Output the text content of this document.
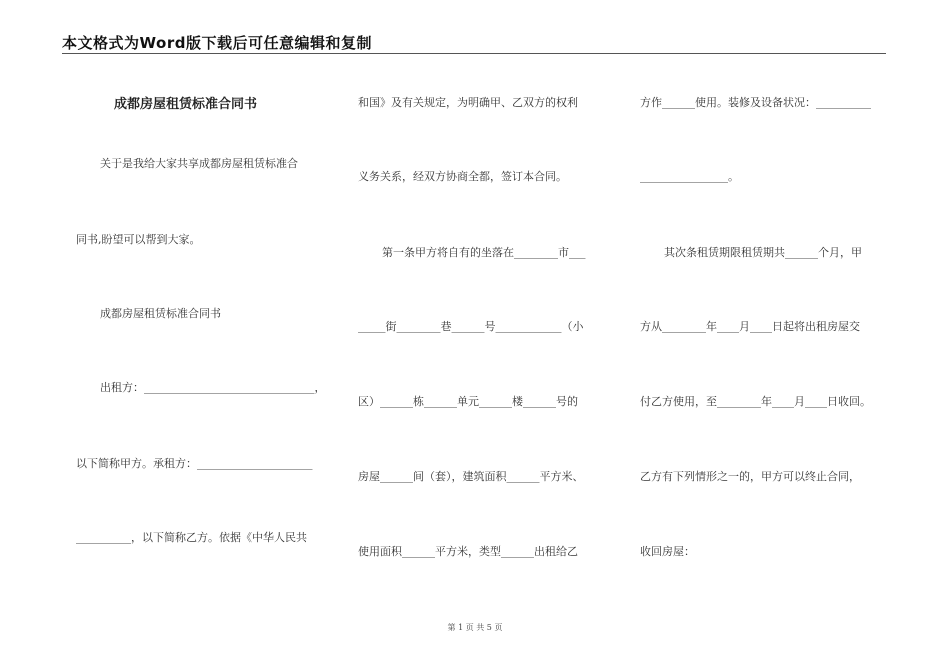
本文格式为Word版下载后可任意编辑和复制
成都房屋租赁标准合同书
关于是我给大家共享成都房屋租赁标准合
同书,盼望可以帮到大家。
成都房屋租赁标准合同书
出租方：_______________________________，
以下简称甲方。承租方：_____________________
__________，以下简称乙方。依据《中华人民共
和国》及有关规定，为明确甲、乙双方的权利
义务关系，经双方协商全都，签订本合同。
第一条甲方将自有的坐落在________市___
_____街________巷______号____________（小
区）______栋______单元______楼______号的
房屋______间（套），建筑面积______平方米、
使用面积______平方米，类型______出租给乙
方作______使用。装修及设备状况：__________
________________。
其次条租赁期限租赁期共______个月，甲
方从________年____月____日起将出租房屋交
付乙方使用，至________年____月____日收回。
乙方有下列情形之一的，甲方可以终止合同，
收回房屋：
第 1 页 共 5 页
